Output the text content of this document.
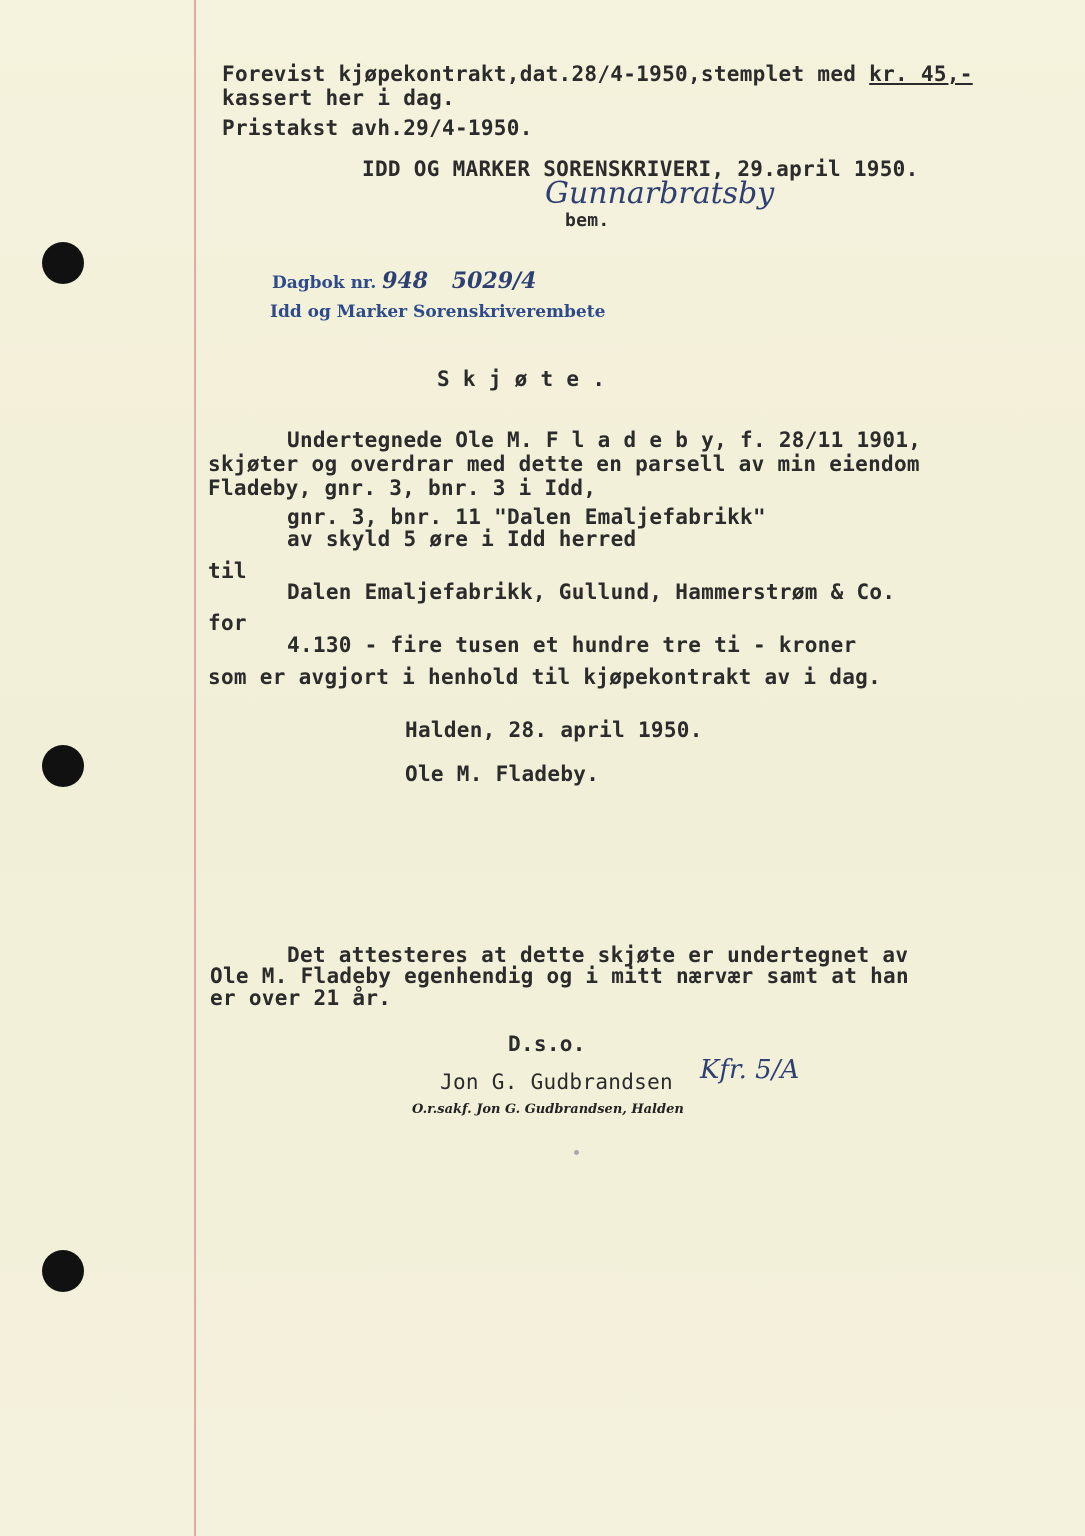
Forevist kjøpekontrakt,dat.28/4-1950,stemplet med kr. 45,-
kassert her i dag.
Pristakst avh.29/4-1950.
IDD OG MARKER SORENSKRIVERI, 29.april 1950.
Gunnarbratsby
bem.
Dagbok nr. 948 5029/4
Idd og Marker Sorenskriverembete
S k j ø t e .
Undertegnede Ole M. F l a d e b y, f. 28/11 1901,
skjøter og overdrar med dette en parsell av min eiendom
Fladeby, gnr. 3, bnr. 3 i Idd,
gnr. 3, bnr. 11 "Dalen Emaljefabrikk"
av skyld 5 øre i Idd herred
til
Dalen Emaljefabrikk, Gullund, Hammerstrøm & Co.
for
4.130 - fire tusen et hundre tre ti - kroner
som er avgjort i henhold til kjøpekontrakt av i dag.
Halden, 28. april 1950.
Ole M. Fladeby.
Det attesteres at dette skjøte er undertegnet av
Ole M. Fladeby egenhendig og i mitt nærvær samt at han
er over 21 år.
D.s.o.
Jon G. Gudbrandsen
O.r.sakf. Jon G. Gudbrandsen, Halden
Kfr. 5/A
